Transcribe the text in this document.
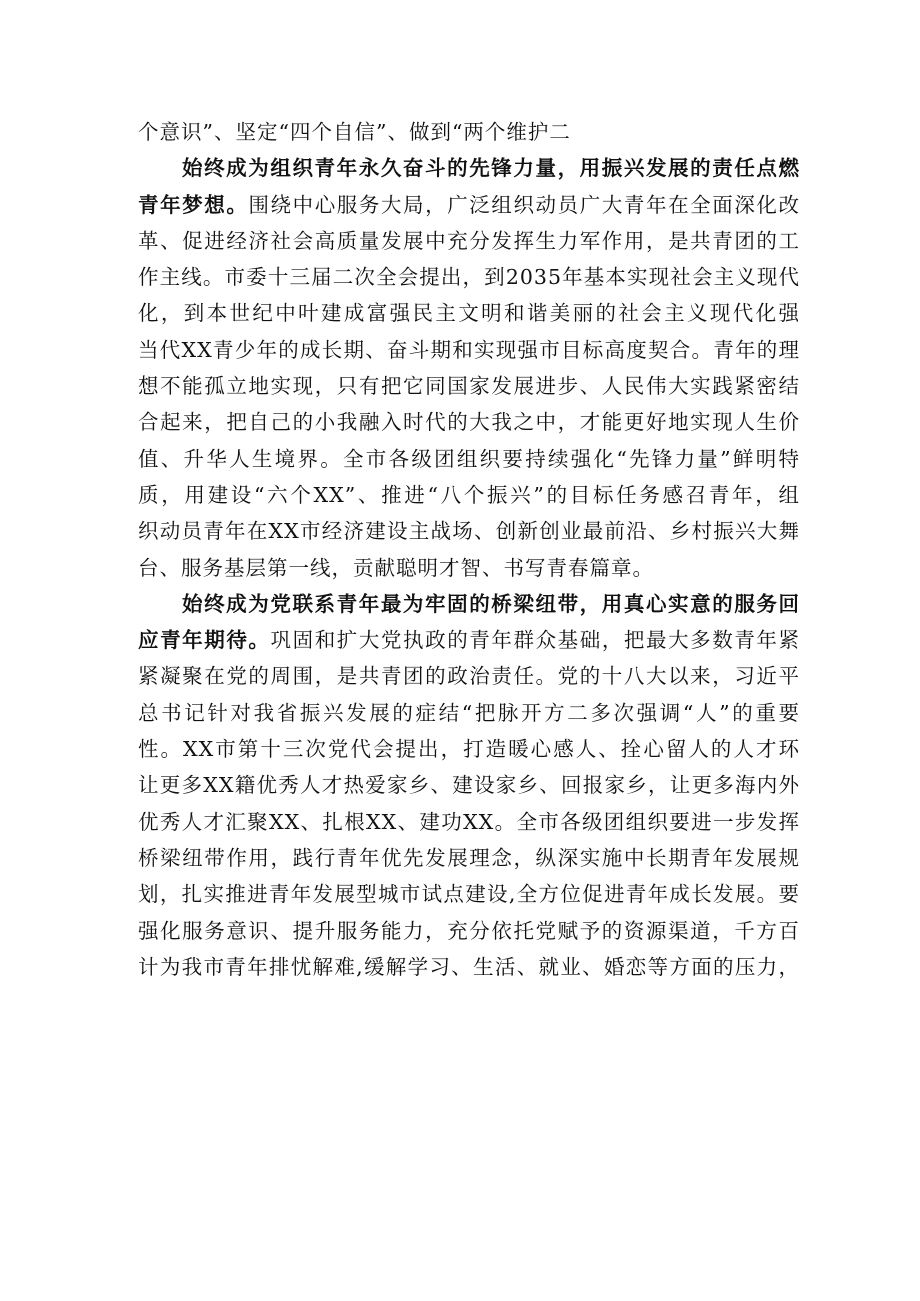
个意识”、坚定“四个自信”、做到“两个维护二
始终成为组织青年永久奋斗的先锋力量，用振兴发展的责任点燃
青年梦想。围绕中心服务大局，广泛组织动员广大青年在全面深化改
革、促进经济社会高质量发展中充分发挥生力军作用，是共青团的工
作主线。市委十三届二次全会提出，到2035年基本实现社会主义现代
化，到本世纪中叶建成富强民主文明和谐美丽的社会主义现代化强
当代XX青少年的成长期、奋斗期和实现强市目标高度契合。青年的理
想不能孤立地实现，只有把它同国家发展进步、人民伟大实践紧密结
合起来，把自己的小我融入时代的大我之中，才能更好地实现人生价
值、升华人生境界。全市各级团组织要持续强化“先锋力量”鲜明特
质，用建设“六个XX”、推进“八个振兴”的目标任务感召青年，组
织动员青年在XX市经济建设主战场、创新创业最前沿、乡村振兴大舞
台、服务基层第一线，贡献聪明才智、书写青春篇章。
始终成为党联系青年最为牢固的桥梁纽带，用真心实意的服务回
应青年期待。巩固和扩大党执政的青年群众基础，把最大多数青年紧
紧凝聚在党的周围，是共青团的政治责任。党的十八大以来，习近平
总书记针对我省振兴发展的症结“把脉开方二多次强调“人”的重要
性。XX市第十三次党代会提出，打造暖心感人、拴心留人的人才环
让更多XX籍优秀人才热爱家乡、建设家乡、回报家乡，让更多海内外
优秀人才汇聚XX、扎根XX、建功XX。全市各级团组织要进一步发挥
桥梁纽带作用，践行青年优先发展理念，纵深实施中长期青年发展规
划，扎实推进青年发展型城市试点建设,全方位促进青年成长发展。要
强化服务意识、提升服务能力，充分依托党赋予的资源渠道，千方百
计为我市青年排忧解难,缓解学习、生活、就业、婚恋等方面的压力，
